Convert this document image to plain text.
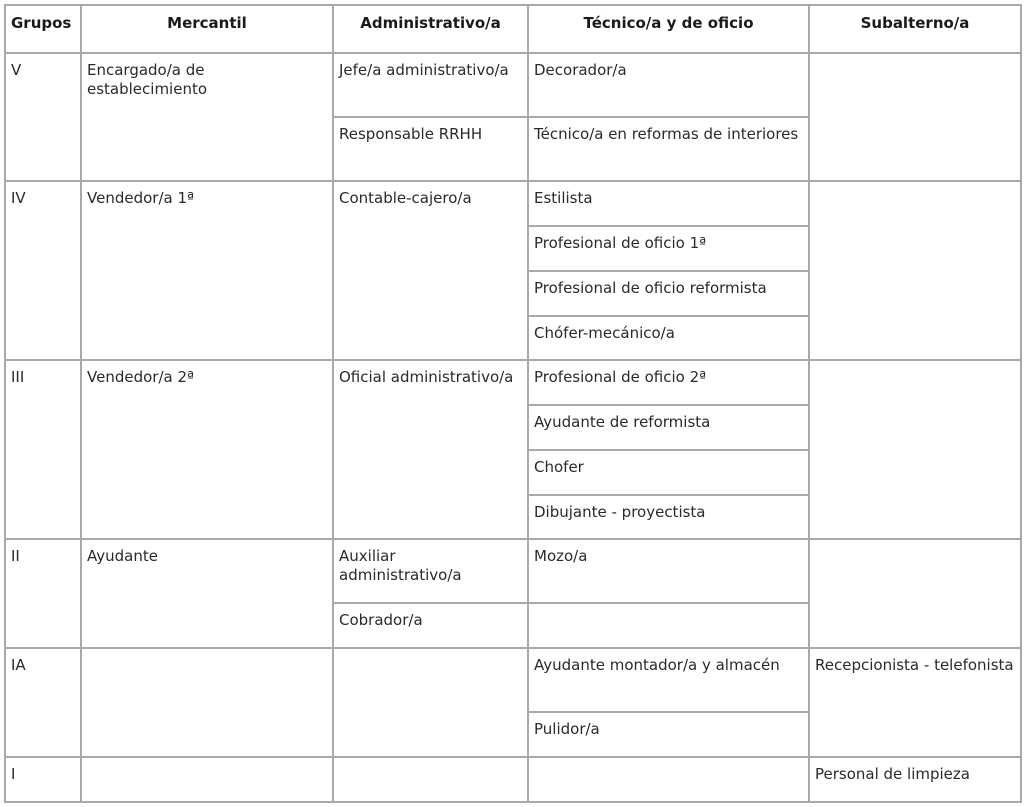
Grupos	Mercantil	Administrativo/a	Técnico/a y de oficio	Subalterno/a

V	Encargado/a de establecimiento	Jefe/a administrativo/a	Decorador/a	

		Responsable RRHH	Técnico/a en reformas de interiores	

IV	Vendedor/a 1ª	Contable-cajero/a	Estilista	

			Profesional de oficio 1ª	

			Profesional de oficio reformista	

			Chófer-mecánico/a	

III	Vendedor/a 2ª	Oficial administrativo/a	Profesional de oficio 2ª	

			Ayudante de reformista	

			Chofer	

			Dibujante - proyectista	

II	Ayudante	Auxiliar administrativo/a	Mozo/a	

		Cobrador/a		

IA			Ayudante montador/a y almacén	Recepcionista - telefonista

			Pulidor/a	

I				Personal de limpieza
